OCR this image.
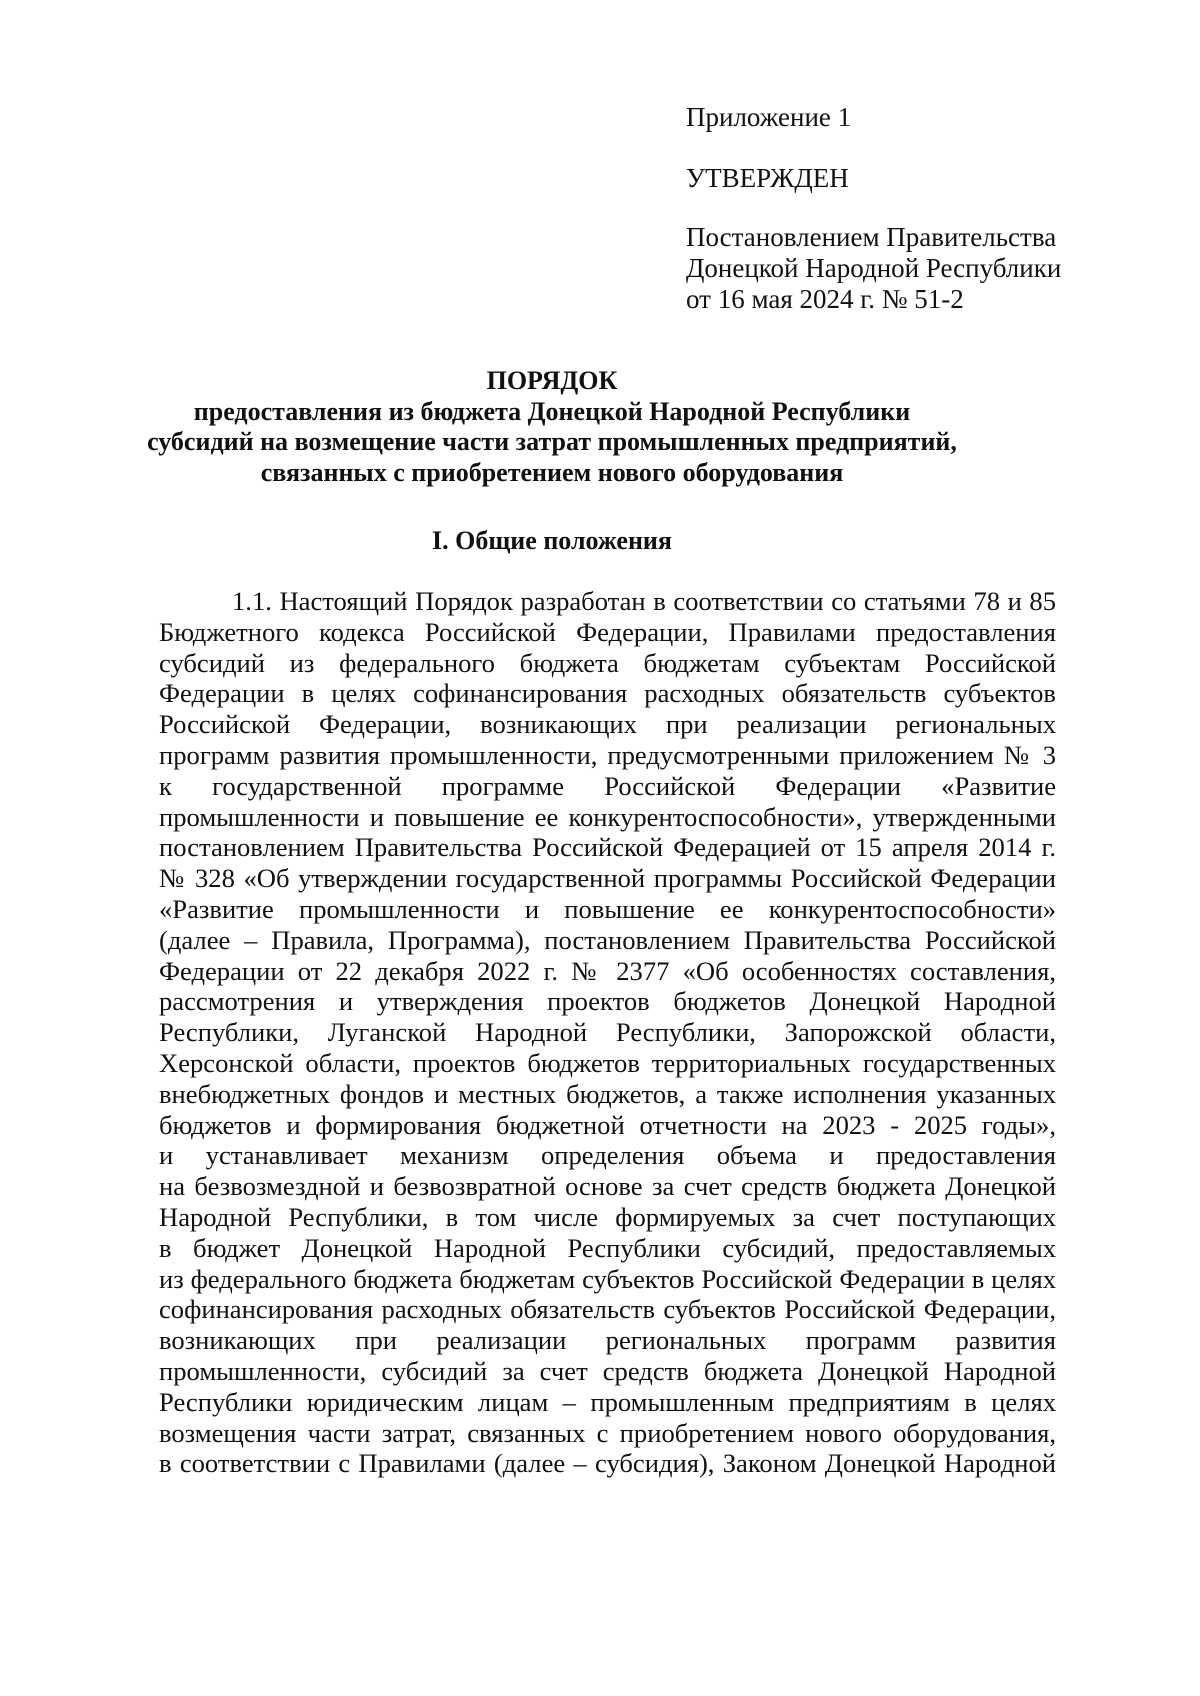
Приложение 1
УТВЕРЖДЕН
Постановлением Правительства
Донецкой Народной Республики
от 16 мая 2024 г. № 51-2
ПОРЯДОК
предоставления из бюджета Донецкой Народной Республики
субсидий на возмещение части затрат промышленных предприятий,
связанных с приобретением нового оборудования
I. Общие положения
1.1. Настоящий Порядок разработан в соответствии со статьями 78 и 85
Бюджетного кодекса Российской Федерации, Правилами предоставления
субсидий из федерального бюджета бюджетам субъектам Российской
Федерации в целях софинансирования расходных обязательств субъектов
Российской Федерации, возникающих при реализации региональных
программ развития промышленности, предусмотренными приложением № 3
к государственной программе Российской Федерации «Развитие
промышленности и повышение ее конкурентоспособности», утвержденными
постановлением Правительства Российской Федерацией от 15 апреля 2014 г.
№ 328 «Об утверждении государственной программы Российской Федерации
«Развитие промышленности и повышение ее конкурентоспособности»
(далее – Правила, Программа), постановлением Правительства Российской
Федерации от 22 декабря 2022 г. № 2377 «Об особенностях составления,
рассмотрения и утверждения проектов бюджетов Донецкой Народной
Республики, Луганской Народной Республики, Запорожской области,
Херсонской области, проектов бюджетов территориальных государственных
внебюджетных фондов и местных бюджетов, а также исполнения указанных
бюджетов и формирования бюджетной отчетности на 2023 - 2025 годы»,
и устанавливает механизм определения объема и предоставления
на безвозмездной и безвозвратной основе за счет средств бюджета Донецкой
Народной Республики, в том числе формируемых за счет поступающих
в бюджет Донецкой Народной Республики субсидий, предоставляемых
из федерального бюджета бюджетам субъектов Российской Федерации в целях
софинансирования расходных обязательств субъектов Российской Федерации,
возникающих при реализации региональных программ развития
промышленности, субсидий за счет средств бюджета Донецкой Народной
Республики юридическим лицам – промышленным предприятиям в целях
возмещения части затрат, связанных с приобретением нового оборудования,
в соответствии с Правилами (далее – субсидия), Законом Донецкой Народной
